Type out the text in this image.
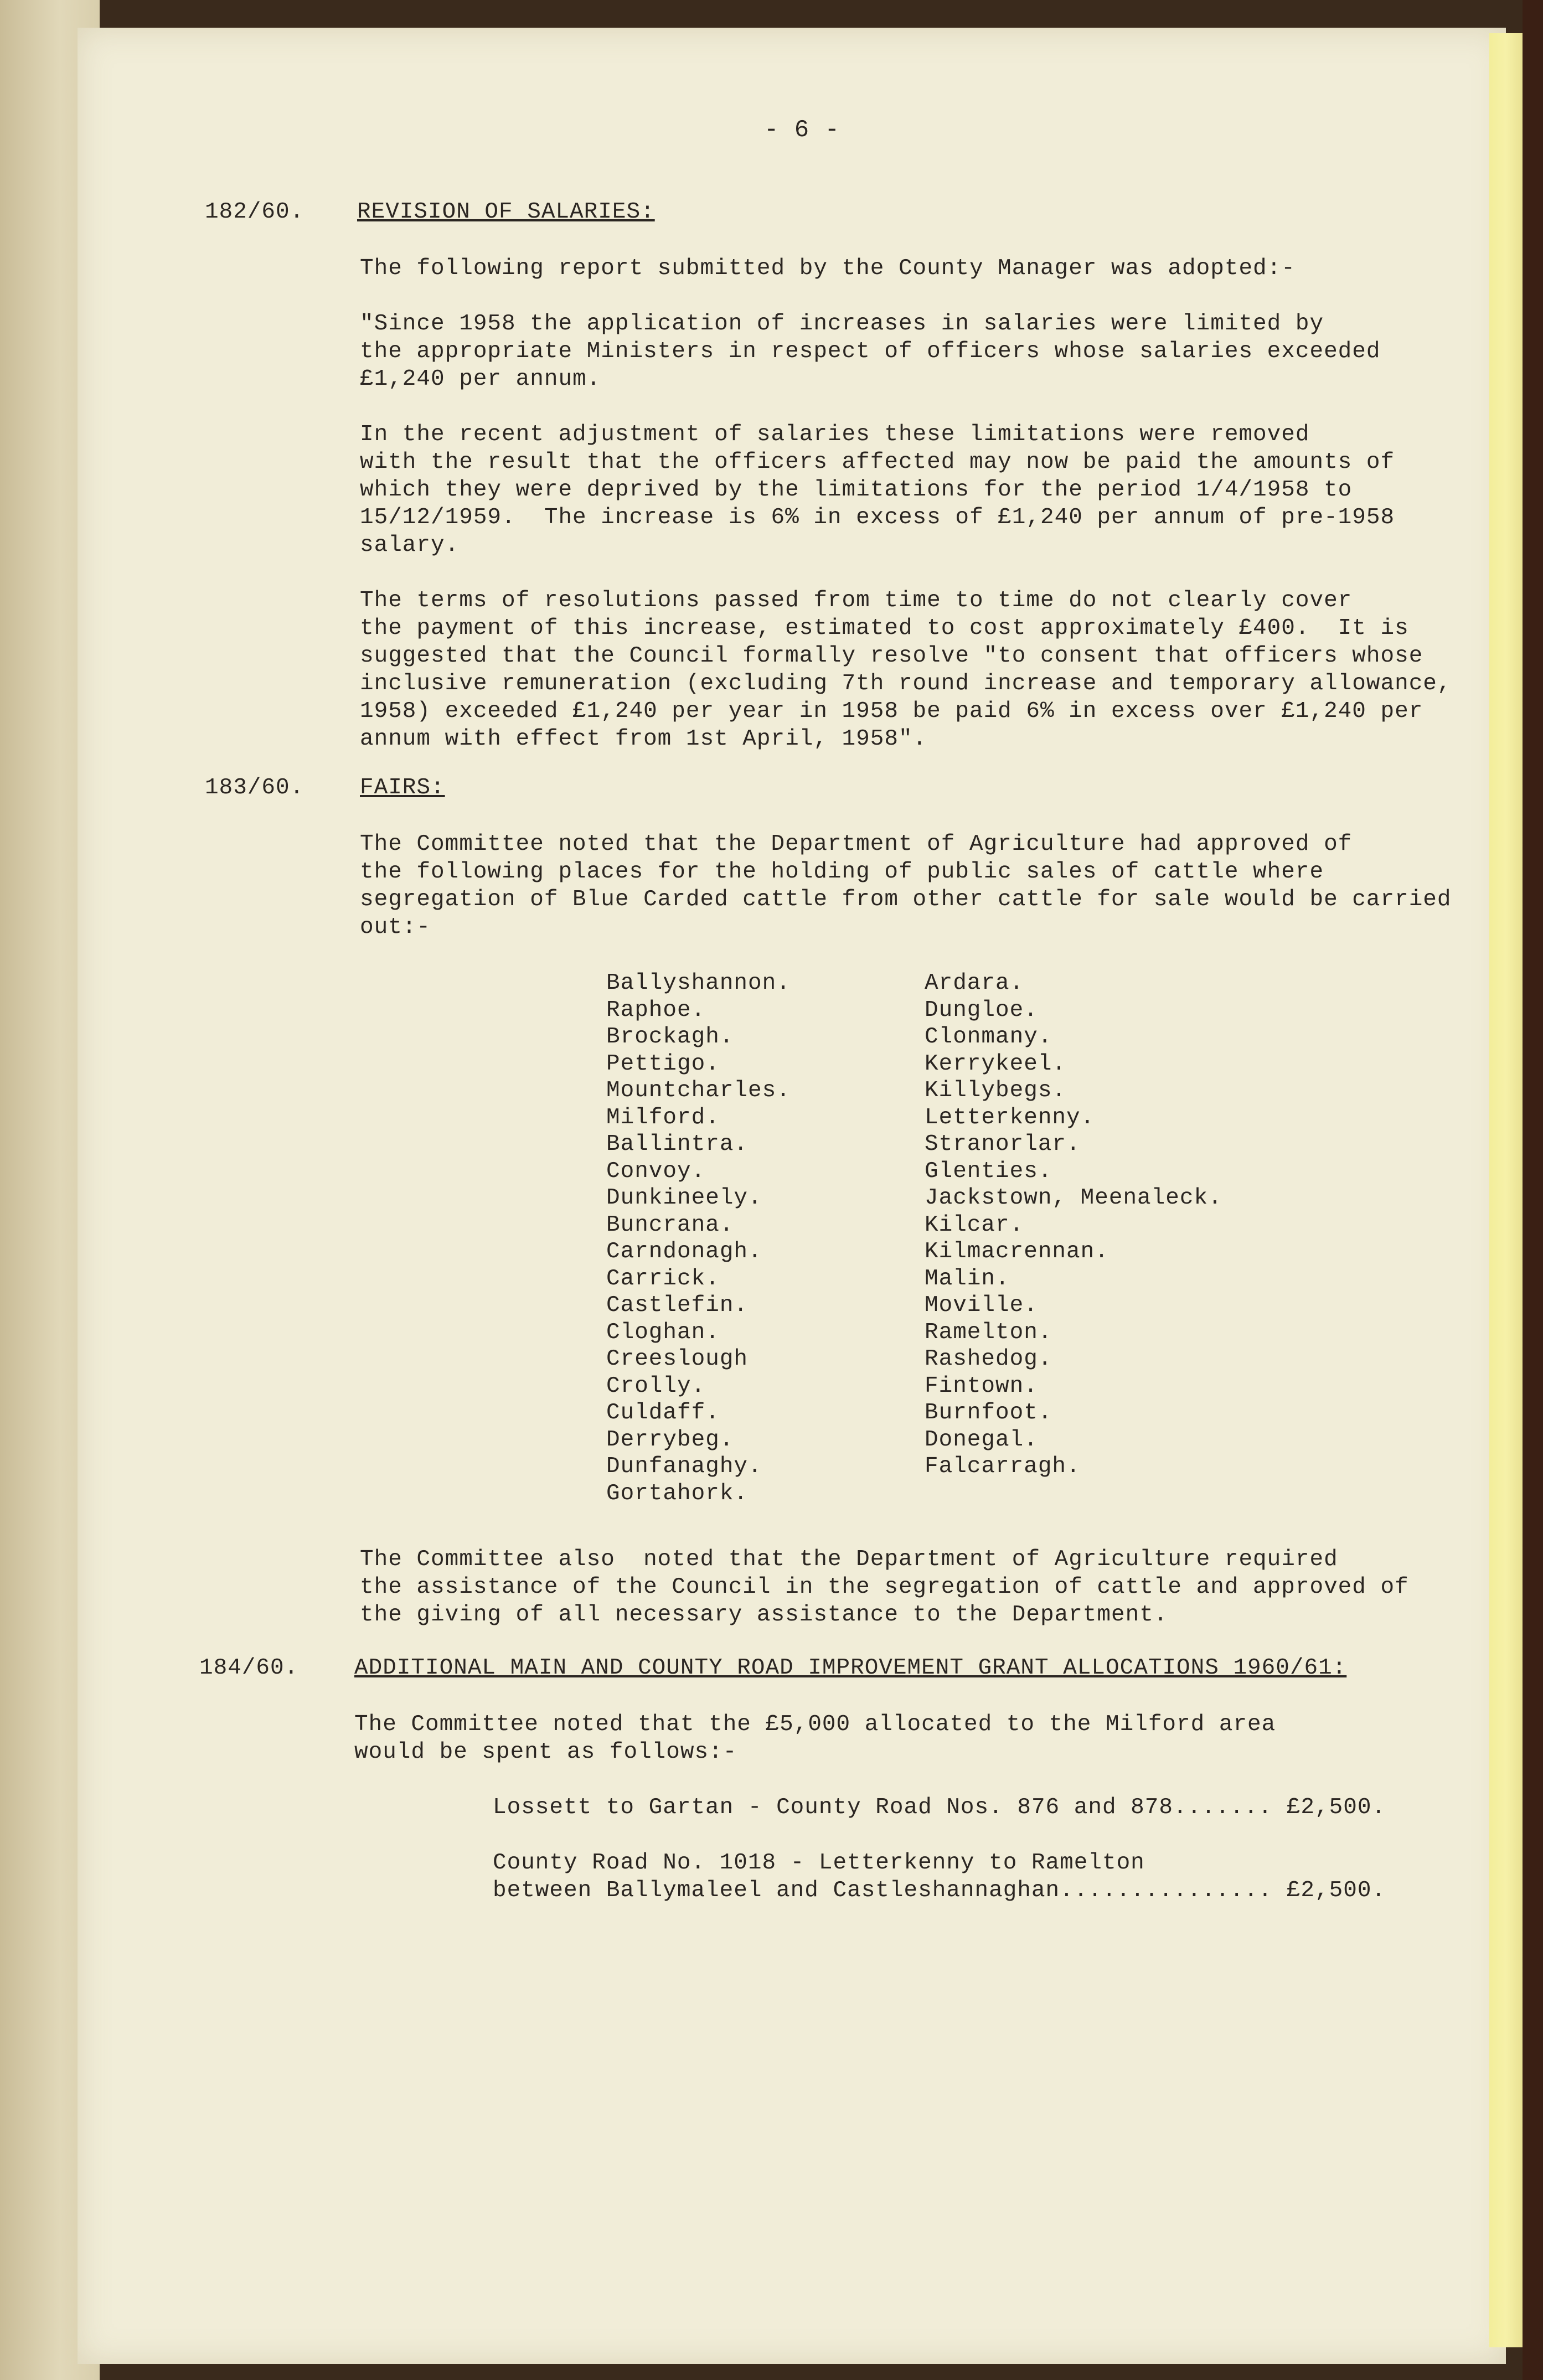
- 6 -
182/60. REVISION OF SALARIES:
The following report submitted by the County Manager was adopted:-

"Since 1958 the application of increases in salaries were limited by
the appropriate Ministers in respect of officers whose salaries exceeded
£1,240 per annum.

In the recent adjustment of salaries these limitations were removed
with the result that the officers affected may now be paid the amounts of
which they were deprived by the limitations for the period 1/4/1958 to
15/12/1959.  The increase is 6% in excess of £1,240 per annum of pre-1958
salary.

The terms of resolutions passed from time to time do not clearly cover
the payment of this increase, estimated to cost approximately £400.  It is
suggested that the Council formally resolve "to consent that officers whose
inclusive remuneration (excluding 7th round increase and temporary allowance,
1958) exceeded £1,240 per year in 1958 be paid 6% in excess over £1,240 per
annum with effect from 1st April, 1958".
183/60. FAIRS:
The Committee noted that the Department of Agriculture had approved of
the following places for the holding of public sales of cattle where
segregation of Blue Carded cattle from other cattle for sale would be carried
out:-
Ballyshannon.
Raphoe.
Brockagh.
Pettigo.
Mountcharles.
Milford.
Ballintra.
Convoy.
Dunkineely.
Buncrana.
Carndonagh.
Carrick.
Castlefin.
Cloghan.
Creeslough
Crolly.
Culdaff.
Derrybeg.
Dunfanaghy.
Gortahork.
Ardara.
Dungloe.
Clonmany.
Kerrykeel.
Killybegs.
Letterkenny.
Stranorlar.
Glenties.
Jackstown, Meenaleck.
Kilcar.
Kilmacrennan.
Malin.
Moville.
Ramelton.
Rashedog.
Fintown.
Burnfoot.
Donegal.
Falcarragh.
The Committee also  noted that the Department of Agriculture required
the assistance of the Council in the segregation of cattle and approved of
the giving of all necessary assistance to the Department.
184/60. ADDITIONAL MAIN AND COUNTY ROAD IMPROVEMENT GRANT ALLOCATIONS 1960/61:
The Committee noted that the £5,000 allocated to the Milford area
would be spent as follows:-
Lossett to Gartan - County Road Nos. 876 and 878....... £2,500.

County Road No. 1018 - Letterkenny to Ramelton
between Ballymaleel and Castleshannaghan............... £2,500.
